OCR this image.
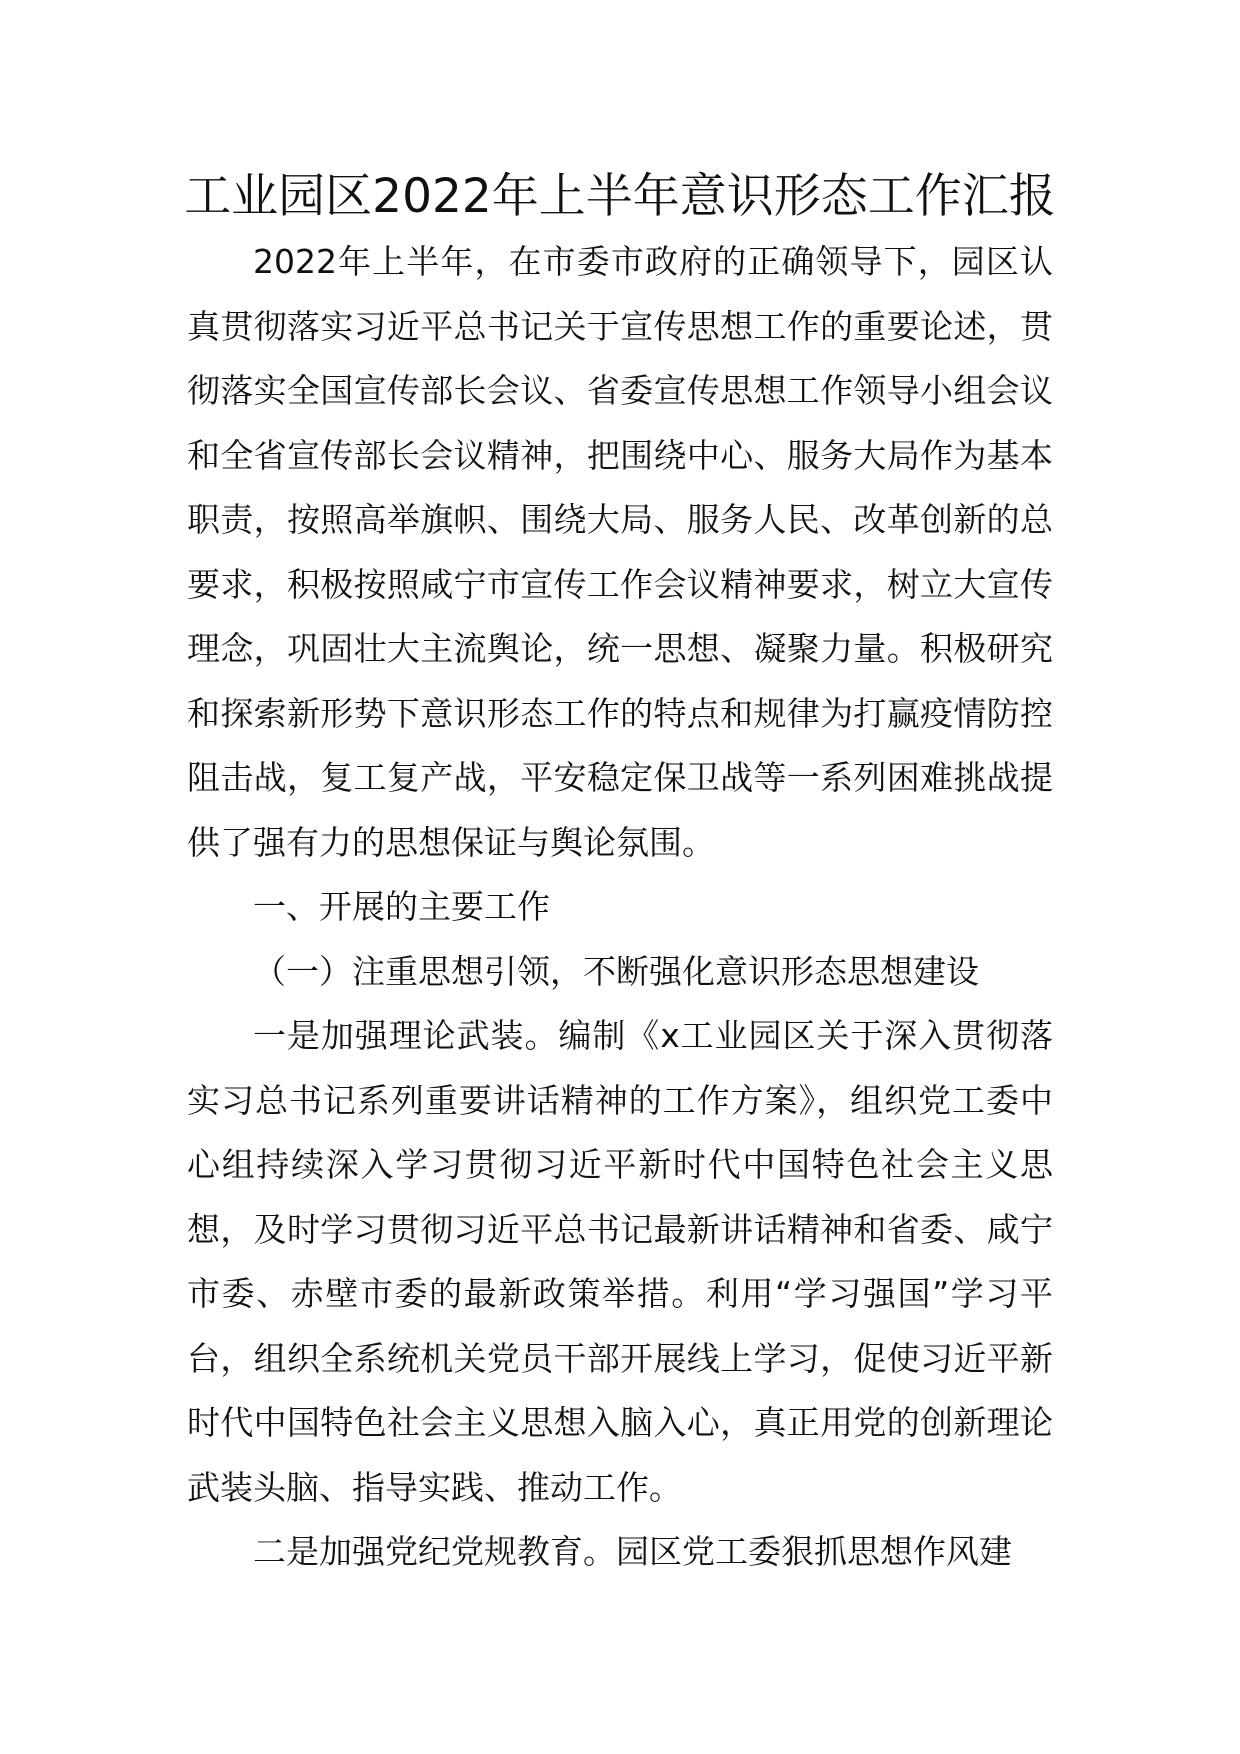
工业园区2022年上半年意识形态工作汇报

2022年上半年，在市委市政府的正确领导下，园区认真贯彻落实习近平总书记关于宣传思想工作的重要论述，贯彻落实全国宣传部长会议、省委宣传思想工作领导小组会议和全省宣传部长会议精神，把围绕中心、服务大局作为基本职责，按照高举旗帜、围绕大局、服务人民、改革创新的总要求，积极按照咸宁市宣传工作会议精神要求，树立大宣传理念，巩固壮大主流舆论，统一思想、凝聚力量。积极研究和探索新形势下意识形态工作的特点和规律为打赢疫情防控阻击战，复工复产战，平安稳定保卫战等一系列困难挑战提供了强有力的思想保证与舆论氛围。

一、开展的主要工作

（一）注重思想引领，不断强化意识形态思想建设

一是加强理论武装。编制《x工业园区关于深入贯彻落实习总书记系列重要讲话精神的工作方案》，组织党工委中心组持续深入学习贯彻习近平新时代中国特色社会主义思想，及时学习贯彻习近平总书记最新讲话精神和省委、咸宁市委、赤壁市委的最新政策举措。利用“学习强国”学习平台，组织全系统机关党员干部开展线上学习，促使习近平新时代中国特色社会主义思想入脑入心，真正用党的创新理论武装头脑、指导实践、推动工作。

二是加强党纪党规教育。园区党工委狠抓思想作风建
